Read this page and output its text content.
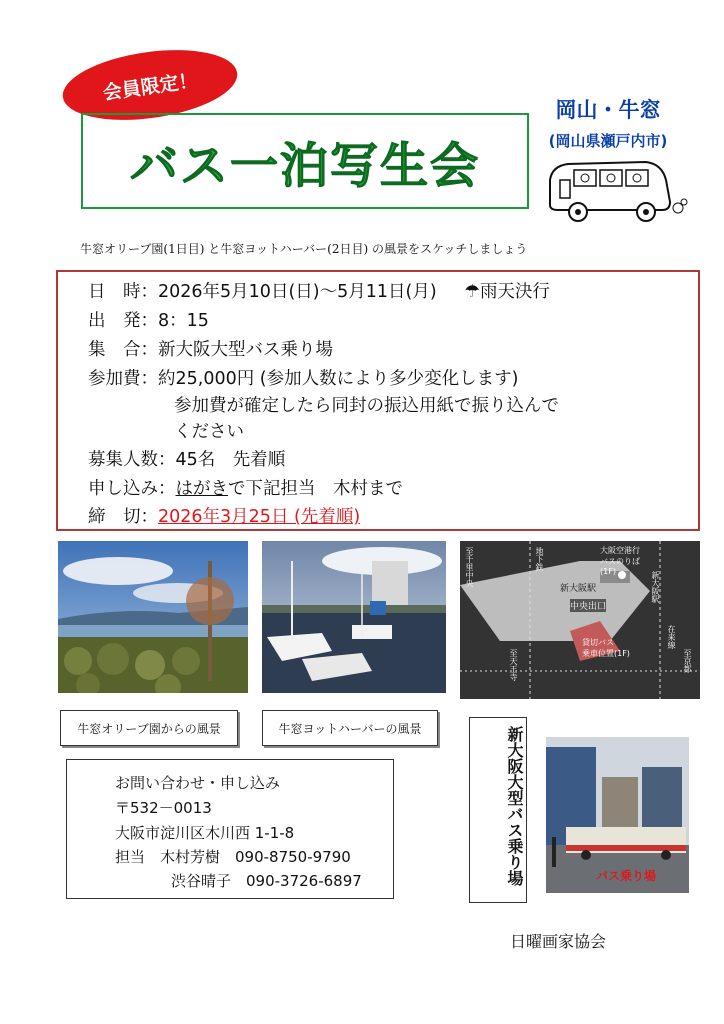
会員限定！
バス一泊写生会
岡山・牛窓
(岡山県瀬戸内市)
牛窓オリーブ園(1日目) と牛窓ヨットハーバー(2日目) の風景をスケッチしましょう
日　時：2026年5月10日(日)～5月11日(月) ☂雨天決行
出　発：8：15
集　合：新大阪大型バス乗り場
参加費：約25,000円 (参加人数により多少変化します)
参加費が確定したら同封の振込用紙で振り込んで
ください
募集人数：45名　先着順
申し込み：はがきで下記担当　木村まで
締　切：2026年3月25日 (先着順)
新大阪駅
中央出口
大阪空港行
バスのりば
(1F)
貸切バス
乗車位置(1F)
至千里中央
至天王寺
在来線
至京都
地下鉄
新大阪駅
牛窓オリーブ園からの風景	牛窓ヨットハーバーの風景
お問い合わせ・申し込み
〒532－0013
大阪市淀川区木川西 1-1-8
担当　木村芳樹　090-8750-9790
渋谷晴子　090-3726-6897	新大阪大型バス乗り場	バス乗り場
日曜画家協会
